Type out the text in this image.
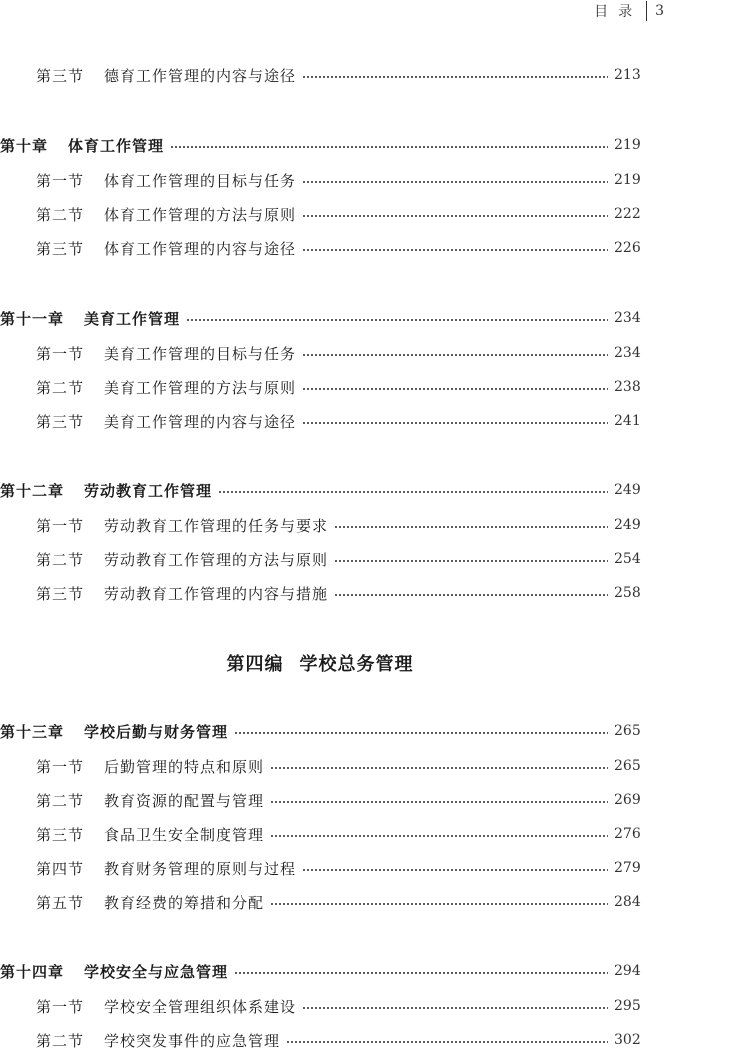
目录 3
第三节 德育工作管理的内容与途径	213
第十章 体育工作管理	219
第一节 体育工作管理的目标与任务	219
第二节 体育工作管理的方法与原则	222
第三节 体育工作管理的内容与途径	226
第十一章 美育工作管理	234
第一节 美育工作管理的目标与任务	234
第二节 美育工作管理的方法与原则	238
第三节 美育工作管理的内容与途径	241
第十二章 劳动教育工作管理	249
第一节 劳动教育工作管理的任务与要求	249
第二节 劳动教育工作管理的方法与原则	254
第三节 劳动教育工作管理的内容与措施	258
第四编 学校总务管理
第十三章 学校后勤与财务管理	265
第一节 后勤管理的特点和原则	265
第二节 教育资源的配置与管理	269
第三节 食品卫生安全制度管理	276
第四节 教育财务管理的原则与过程	279
第五节 教育经费的筹措和分配	284
第十四章 学校安全与应急管理	294
第一节 学校安全管理组织体系建设	295
第二节 学校突发事件的应急管理	302
